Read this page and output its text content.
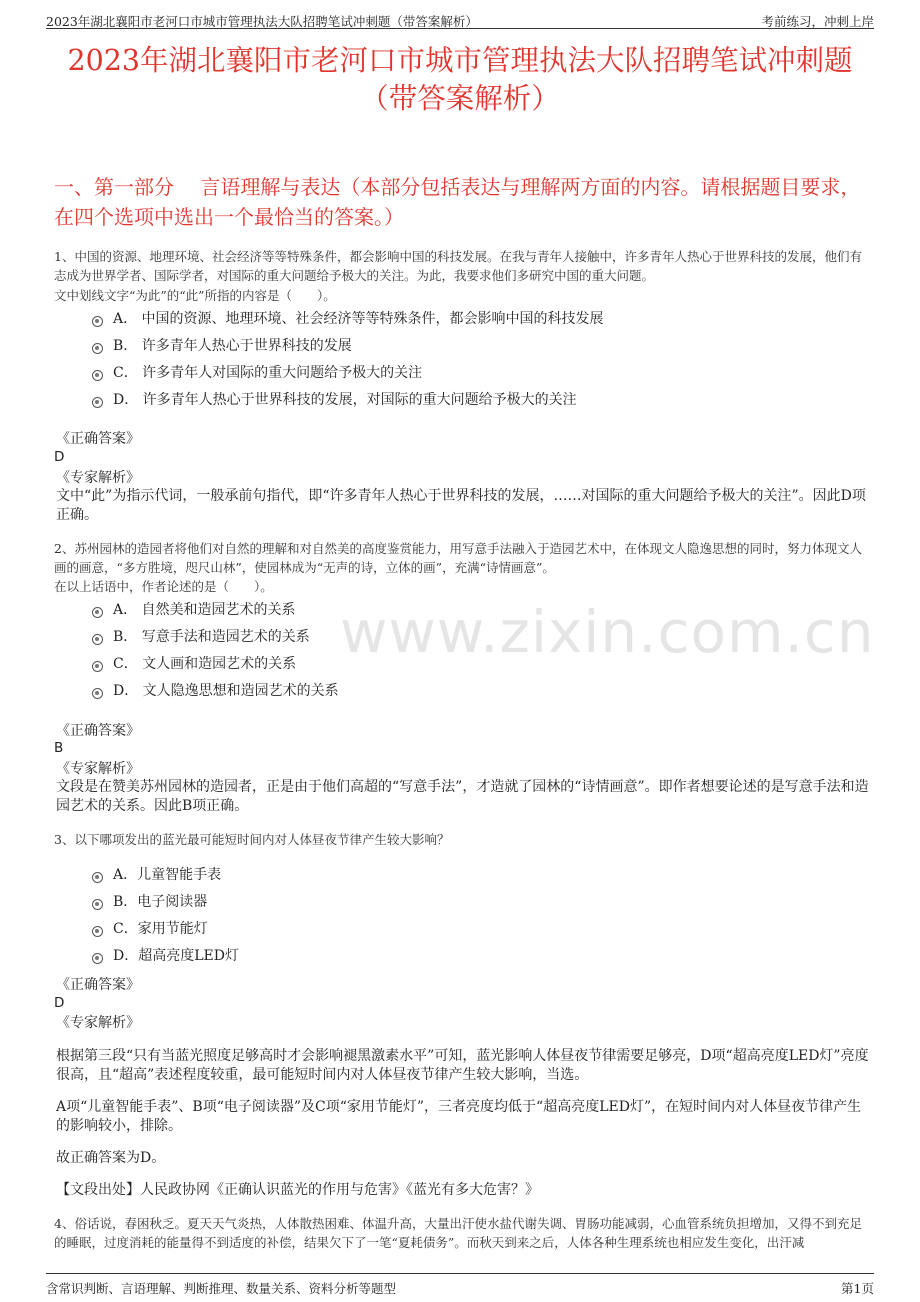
2023年湖北襄阳市老河口市城市管理执法大队招聘笔试冲刺题（带答案解析）	考前练习，冲刺上岸
2023年湖北襄阳市老河口市城市管理执法大队招聘笔试冲刺题
（带答案解析）
一、第一部分　 言语理解与表达（本部分包括表达与理解两方面的内容。请根据题目要求，在四个选项中选出一个最恰当的答案。）
www.zixin.com.cn
1、中国的资源、地理环境、社会经济等等特殊条件，都会影响中国的科技发展。在我与青年人接触中，许多青年人热心于世界科技的发展，他们有志成为世界学者、国际学者，对国际的重大问题给予极大的关注。为此，我要求他们多研究中国的重大问题。
文中划线文字“为此”的“此”所指的内容是（　　）。
A． 中国的资源、地理环境、社会经济等等特殊条件，都会影响中国的科技发展
B． 许多青年人热心于世界科技的发展
C． 许多青年人对国际的重大问题给予极大的关注
D． 许多青年人热心于世界科技的发展，对国际的重大问题给予极大的关注
《正确答案》
D
《专家解析》
文中“此”为指示代词，一般承前句指代，即“许多青年人热心于世界科技的发展，……对国际的重大问题给予极大的关注”。因此D项正确。
2、苏州园林的造园者将他们对自然的理解和对自然美的高度鉴赏能力，用写意手法融入于造园艺术中，在体现文人隐逸思想的同时，努力体现文人画的画意，“多方胜境，咫尺山林”，使园林成为“无声的诗，立体的画”，充满“诗情画意”。
在以上话语中，作者论述的是（　　）。
A． 自然美和造园艺术的关系
B． 写意手法和造园艺术的关系
C． 文人画和造园艺术的关系
D． 文人隐逸思想和造园艺术的关系
《正确答案》
B
《专家解析》
文段是在赞美苏州园林的造园者，正是由于他们高超的“写意手法”，才造就了园林的“诗情画意”。即作者想要论述的是写意手法和造园艺术的关系。因此B项正确。
3、以下哪项发出的蓝光最可能短时间内对人体昼夜节律产生较大影响？
A．儿童智能手表
B．电子阅读器
C．家用节能灯
D．超高亮度LED灯
《正确答案》
D
《专家解析》
根据第三段“只有当蓝光照度足够高时才会影响褪黑激素水平”可知，蓝光影响人体昼夜节律需要足够亮，D项“超高亮度LED灯”亮度很高，且“超高”表述程度较重，最可能短时间内对人体昼夜节律产生较大影响，当选。
A项“儿童智能手表”、B项“电子阅读器”及C项“家用节能灯”，三者亮度均低于“超高亮度LED灯”，在短时间内对人体昼夜节律产生的影响较小，排除。
故正确答案为D。
【文段出处】人民政协网《正确认识蓝光的作用与危害》《蓝光有多大危害？》
4、俗话说，春困秋乏。夏天天气炎热，人体散热困难、体温升高，大量出汗使水盐代谢失调、胃肠功能减弱，心血管系统负担增加，又得不到充足的睡眠，过度消耗的能量得不到适度的补偿，结果欠下了一笔“夏耗债务”。而秋天到来之后，人体各种生理系统也相应发生变化，出汗减
含常识判断、言语理解、判断推理、数量关系、资料分析等题型	第1页
